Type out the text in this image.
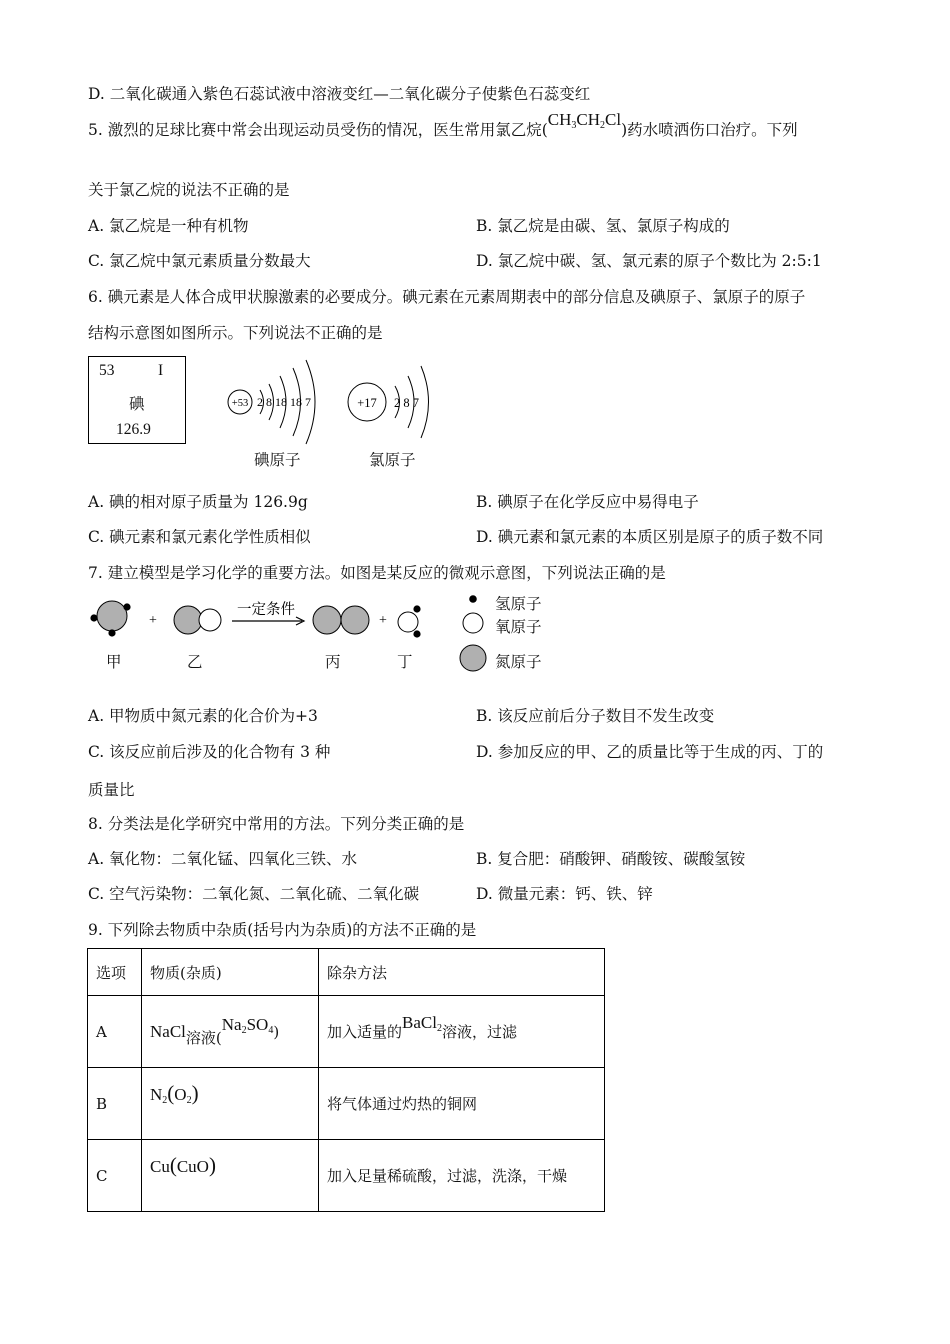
D. 二氧化碳通入紫色石蕊试液中溶液变红—二氧化碳分子使紫色石蕊变红
5. 激烈的足球比赛中常会出现运动员受伤的情况，医生常用氯乙烷$(CH_3CH_2Cl)$药水喷洒伤口治疗。下列
关于氯乙烷的说法不正确的是
A. 氯乙烷是一种有机物	B. 氯乙烷是由碳、氢、氯原子构成的
C. 氯乙烷中氯元素质量分数最大	D. 氯乙烷中碳、氢、氯元素的原子个数比为 2:5:1
6. 碘元素是人体合成甲状腺激素的必要成分。碘元素在元素周期表中的部分信息及碘原子、氯原子的原子
结构示意图如图所示。下列说法不正确的是
53	I
碘
126.9
+53 2 8 18 18 7	+17 2 8 7
碘原子	氯原子
A. 碘的相对原子质量为 126.9g	B. 碘原子在化学反应中易得电子
C. 碘元素和氯元素化学性质相似	D. 碘元素和氯元素的本质区别是原子的质子数不同
7. 建立模型是学习化学的重要方法。如图是某反应的微观示意图，下列说法正确的是
+
一定条件
+
氢原子
氧原子
氮原子
甲	乙	丙	丁
A. 甲物质中氮元素的化合价为+3	B. 该反应前后分子数目不发生改变
C. 该反应前后涉及的化合物有 3 种	D. 参加反应的甲、乙的质量比等于生成的丙、丁的
质量比
8. 分类法是化学研究中常用的方法。下列分类正确的是
A. 氧化物：二氧化锰、四氧化三铁、水	B. 复合肥：硝酸钾、硝酸铵、碳酸氢铵
C. 空气污染物：二氧化氮、二氧化硫、二氧化碳	D. 微量元素：钙、铁、锌
9. 下列除去物质中杂质(括号内为杂质)的方法不正确的是
选项	物质(杂质)	除杂方法
A	NaCl溶液$(Na_2SO_4)$	加入适量的BaCl$_2$溶液，过滤
B	$N_2(O_2)$	将气体通过灼热的铜网
C	Cu(CuO)	加入足量稀硫酸，过滤，洗涤，干燥
